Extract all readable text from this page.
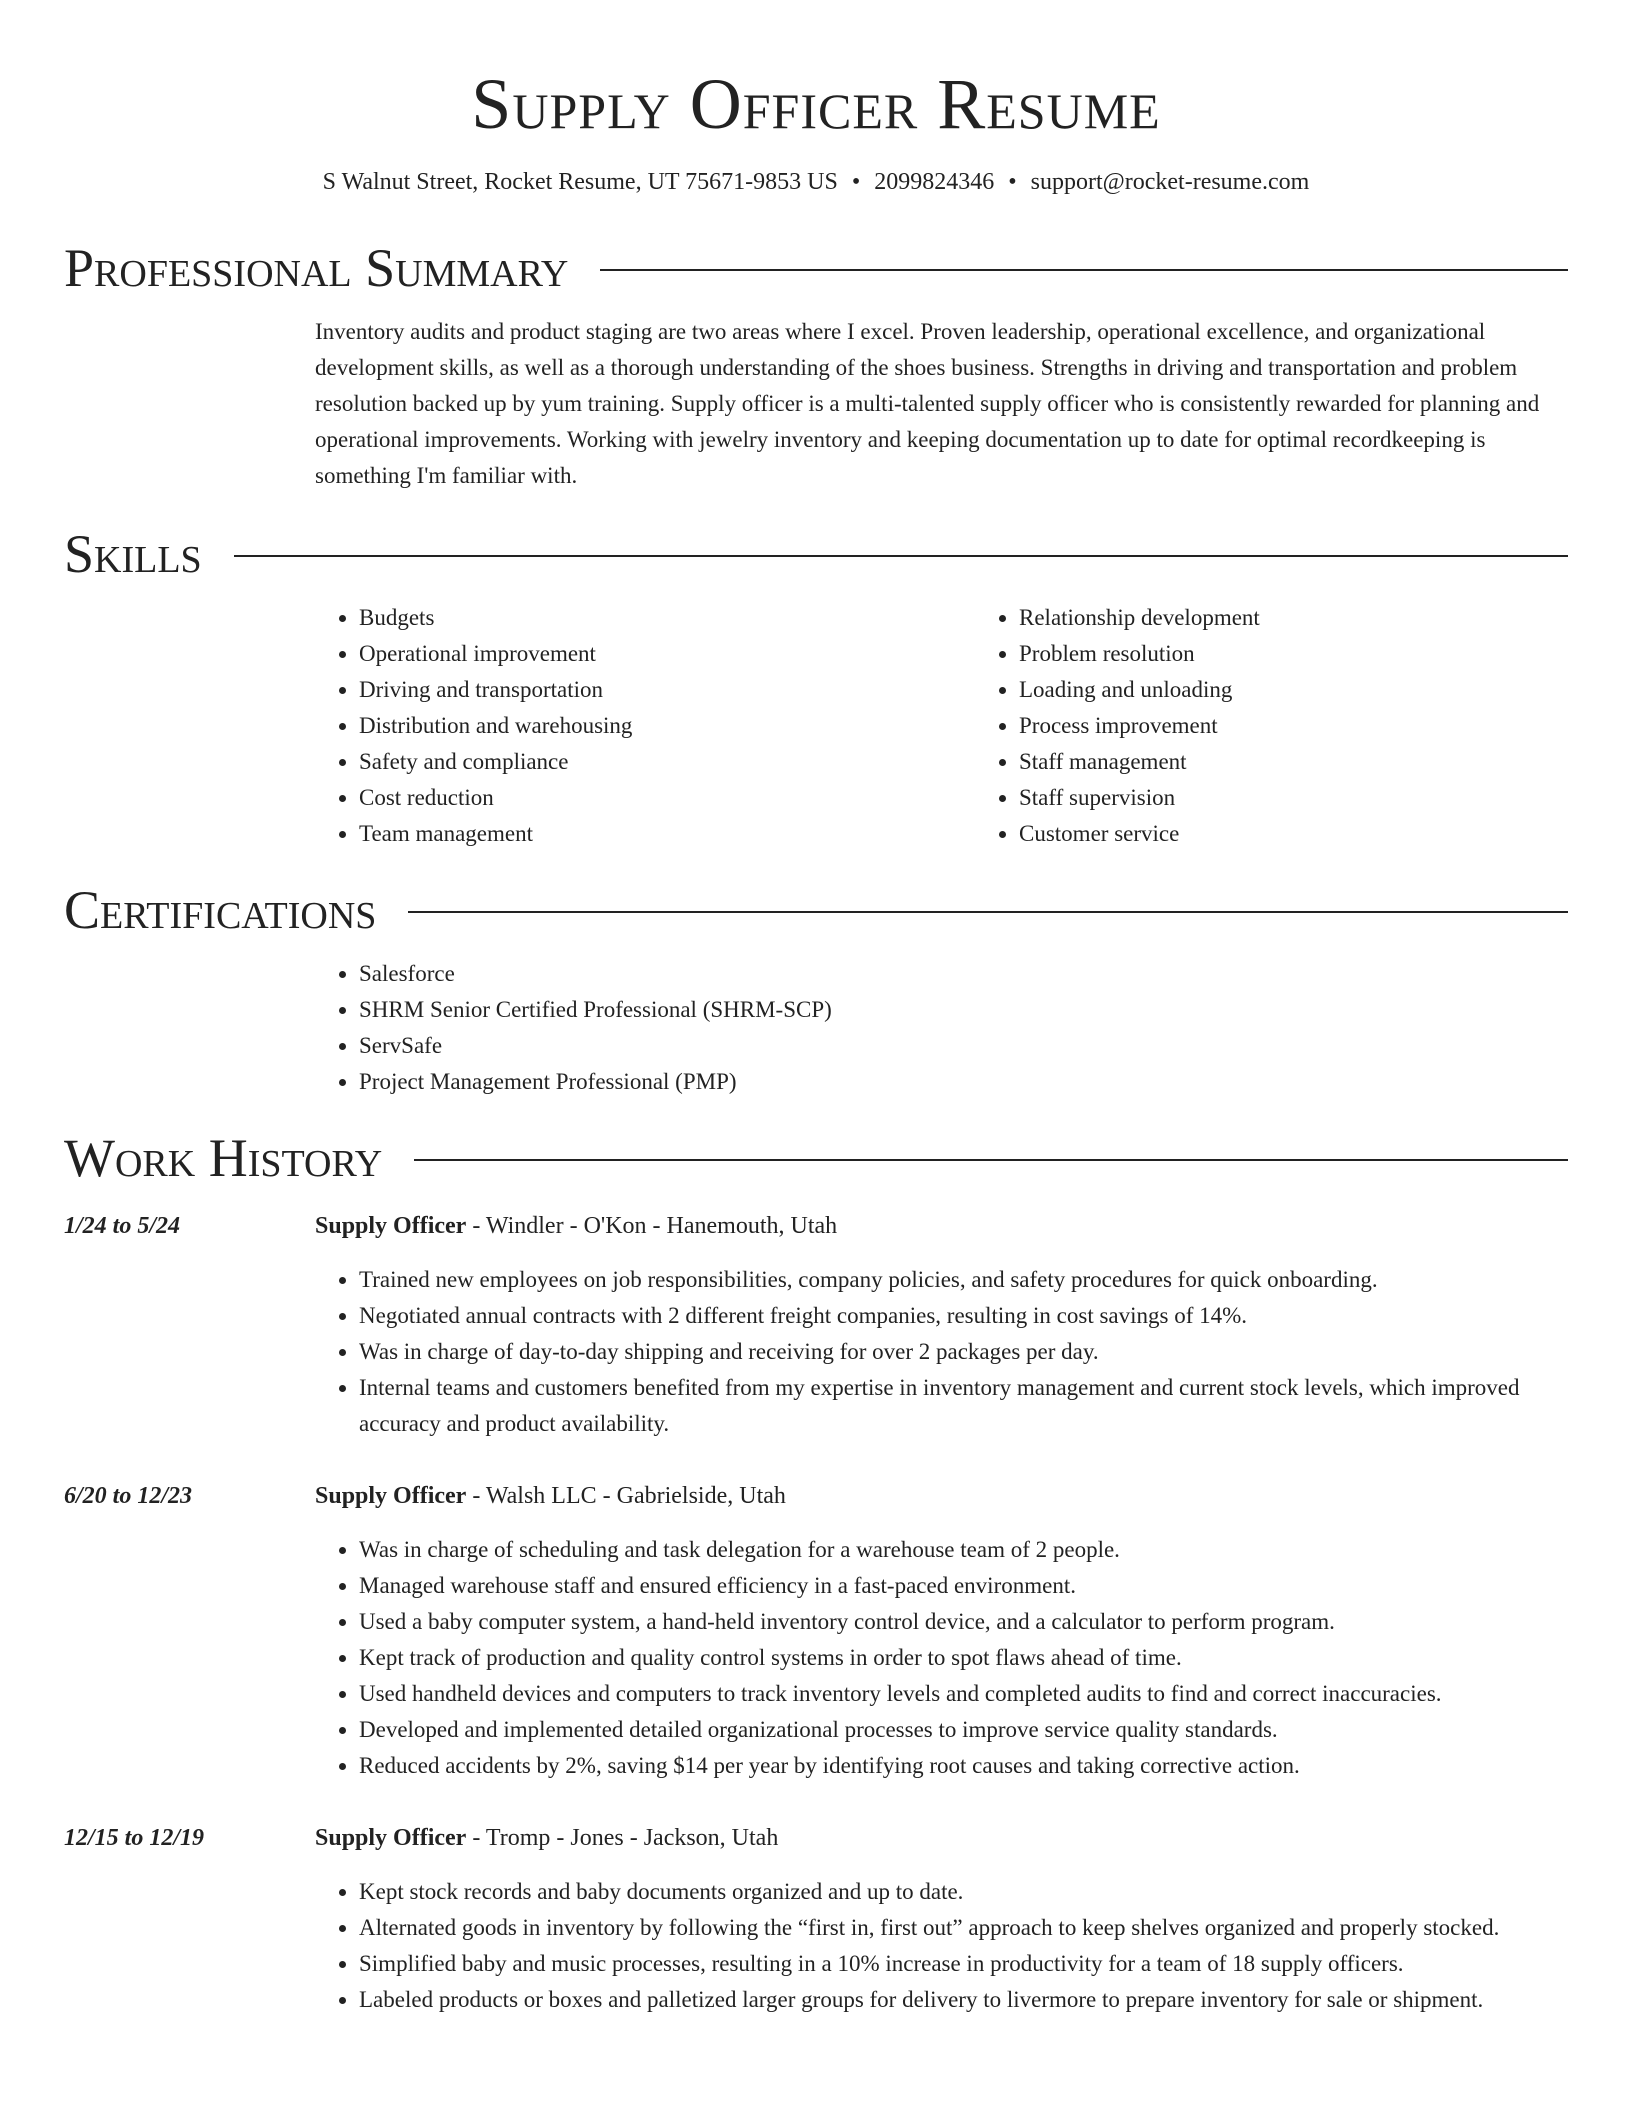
Supply Officer Resume
S Walnut Street, Rocket Resume, UT 75671-9853 US • 2099824346 • support@rocket-resume.com
Professional Summary

Inventory audits and product staging are two areas where I excel. Proven leadership, operational excellence, and organizational development skills, as well as a thorough understanding of the shoes business. Strengths in driving and transportation and problem resolution backed up by yum training. Supply officer is a multi-talented supply officer who is consistently rewarded for planning and operational improvements. Working with jewelry inventory and keeping documentation up to date for optimal recordkeeping is something I'm familiar with.

Skills
• Budgets
• Operational improvement
• Driving and transportation
• Distribution and warehousing
• Safety and compliance
• Cost reduction
• Team management
• Relationship development
• Problem resolution
• Loading and unloading
• Process improvement
• Staff management
• Staff supervision
• Customer service
Certifications
• Salesforce
• SHRM Senior Certified Professional (SHRM-SCP)
• ServSafe
• Project Management Professional (PMP)
Work History
1/24 to 5/24	Supply Officer - Windler - O'Kon - Hanemouth, Utah
• Trained new employees on job responsibilities, company policies, and safety procedures for quick onboarding.
• Negotiated annual contracts with 2 different freight companies, resulting in cost savings of 14%.
• Was in charge of day-to-day shipping and receiving for over 2 packages per day.
• Internal teams and customers benefited from my expertise in inventory management and current stock levels, which improved accuracy and product availability.
6/20 to 12/23	Supply Officer - Walsh LLC - Gabrielside, Utah
• Was in charge of scheduling and task delegation for a warehouse team of 2 people.
• Managed warehouse staff and ensured efficiency in a fast-paced environment.
• Used a baby computer system, a hand-held inventory control device, and a calculator to perform program.
• Kept track of production and quality control systems in order to spot flaws ahead of time.
• Used handheld devices and computers to track inventory levels and completed audits to find and correct inaccuracies.
• Developed and implemented detailed organizational processes to improve service quality standards.
• Reduced accidents by 2%, saving $14 per year by identifying root causes and taking corrective action.
12/15 to 12/19	Supply Officer - Tromp - Jones - Jackson, Utah
• Kept stock records and baby documents organized and up to date.
• Alternated goods in inventory by following the “first in, first out” approach to keep shelves organized and properly stocked.
• Simplified baby and music processes, resulting in a 10% increase in productivity for a team of 18 supply officers.
• Labeled products or boxes and palletized larger groups for delivery to livermore to prepare inventory for sale or shipment.
